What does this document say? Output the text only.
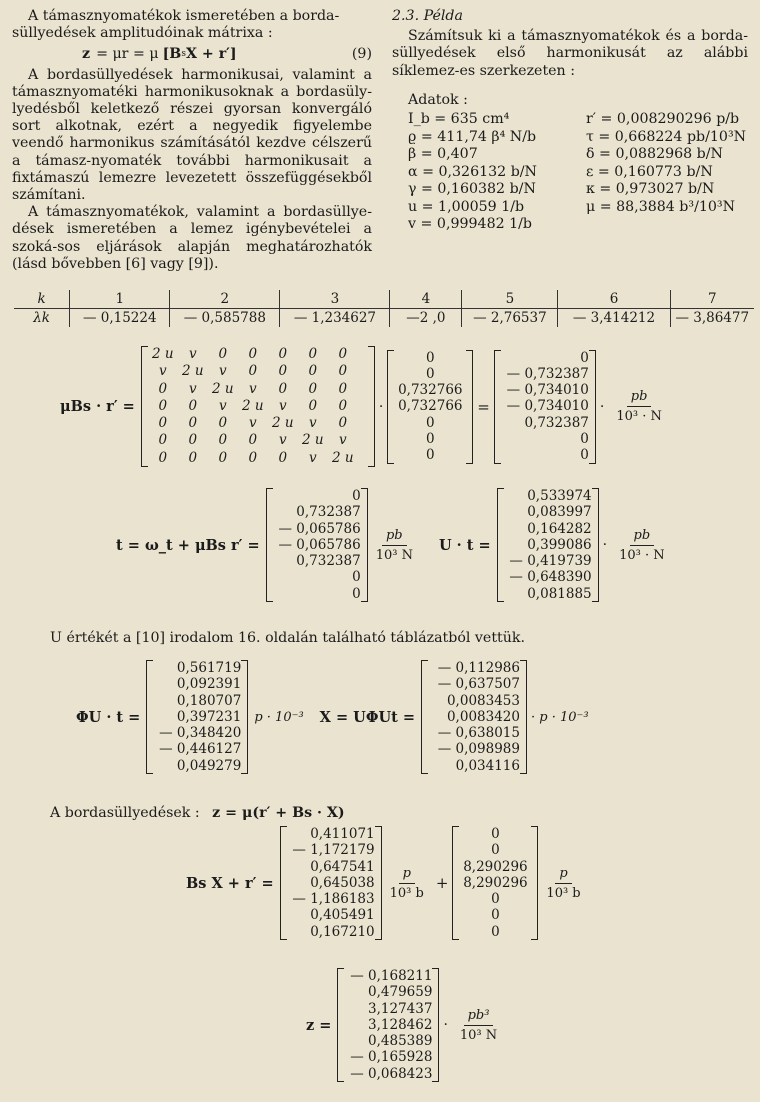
A támasznyomatékok ismeretében a borda-
süllyedések amplitudóinak mátrixa :
z = μr = μ [B s X + r′]	(9)

A bordasüllyedések harmonikusai, valamint a támasznyomatéki harmonikusoknak a bordasüly-lyedésből keletkező részei gyorsan konvergáló sort alkotnak, ezért a negyedik figyelembe veendő harmonikus számításától kezdve célszerű a támasz-nyomaték további harmonikusait a fixtámaszú lemezre levezetett összefüggésekből számítani.

A támasznyomatékok, valamint a bordasüllye-dések ismeretében a lemez igénybevételei a szoká-sos eljárások alapján meghatározhatók (lásd bővebben [6] vagy [9]).

2.3. Példa

Számítsuk ki a támasznyomatékok és a borda-süllyedések első harmonikusát az alábbi síklemez-es szerkezeten :

Adatok :
I_b = 635 cm⁴	r′ = 0,008290296 p/b
ϱ = 411,74 β⁴ N/b	τ = 0,668224 pb/10³N
β = 0,407	δ = 0,0882968 b/N
α = 0,326132 b/N	ε = 0,160773 b/N
γ = 0,160382 b/N	κ = 0,973027 b/N
u = 1,00059 1/b	μ = 88,3884 b³/10³N
v = 0,999482 1/b
k		1		2		3		4		5		6		7
λk		— 0,15224		— 0,585788		— 1,234627		—2 ,0		— 2,76537		— 3,414212		— 3,86477
μBs · r′ =
2 u	v	0	0	0	0	0
v	2 u	v	0	0	0	0
0	v	2 u	v	0	0	0
0	0	v	2 u	v	0	0
0	0	0	v	2 u	v	0
0	0	0	0	v	2 u	v
0	0	0	0	0	v	2 u
·
0
0
0,732766
0,732766
0
0
0
=
0
— 0,732387
— 0,734010
— 0,734010
0,732387
0
0
· $\frac{pb}{\text{10³ · N}}$
t = ω_t + μBs r′ =
0
0,732387
— 0,065786
— 0,065786
0,732387
0
0
$\frac{pb}{\text{10³ N}}$ U · t =
0,533974
0,083997
0,164282
0,399086
— 0,419739
— 0,648390
0,081885
· $\frac{pb}{\text{10³ · N}}$
U értékét a [10] irodalom 16. oldalán található táblázatból vettük.
ΦU · t =
0,561719
0,092391
0,180707
0,397231
— 0,348420
— 0,446127
0,049279
p · 10⁻³ X = UΦUt =
— 0,112986
— 0,637507
0,0083453
0,0083420
— 0,638015
— 0,098989
0,034116
· p · 10⁻³
A bordasüllyedések : z = μ(r′ + Bs · X)
Bs X + r′ =
0,411071
— 1,172179
0,647541
0,645038
— 1,186183
0,405491
0,167210
$\frac{p}{\text{10³ b}}$ +
0
0
8,290296
8,290296
0
0
0
$\frac{p}{\text{10³ b}}$
z =
— 0,168211
0,479659
3,127437
3,128462
0,485389
— 0,165928
— 0,068423
· $\frac{\text{pb³}}{\text{10³ N}}$
